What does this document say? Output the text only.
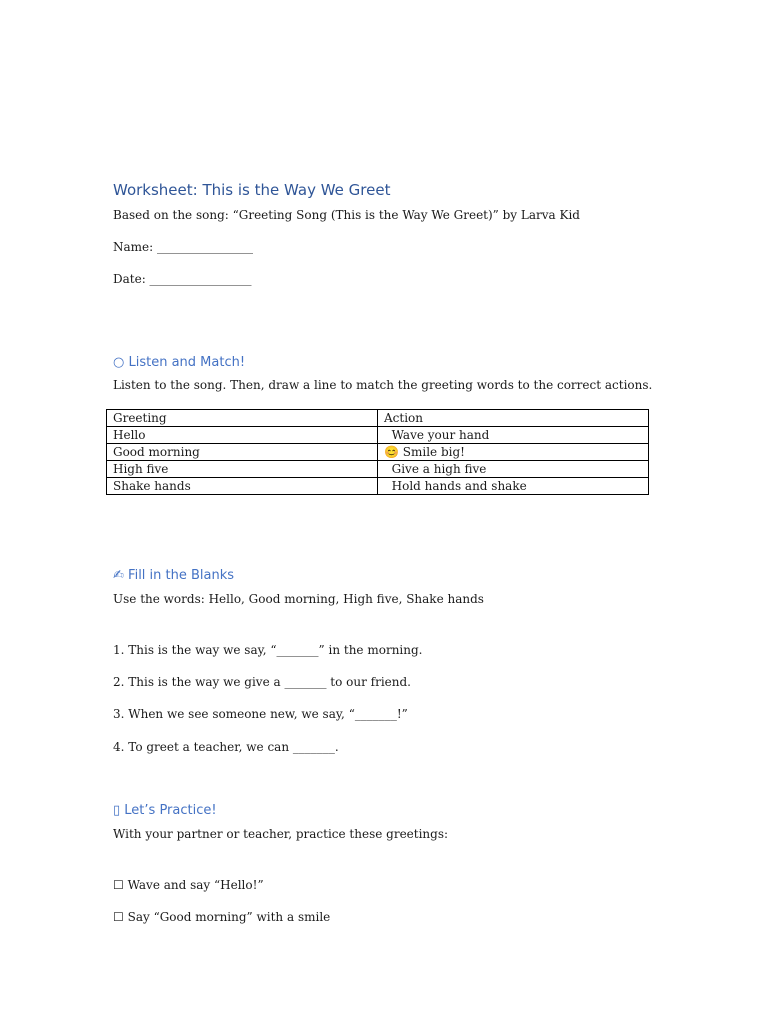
Worksheet: This is the Way We Greet
Based on the song: “Greeting Song (This is the Way We Greet)” by Larva Kid
Name: ________________
Date: _________________
○ Listen and Match!
Listen to the song. Then, draw a line to match the greeting words to the correct actions.
Greeting	Action
Hello	Wave your hand
Good morning	😊 Smile big!
High five	Give a high five
Shake hands	Hold hands and shake
✍ Fill in the Blanks
Use the words: Hello, Good morning, High five, Shake hands
1. This is the way we say, “_______” in the morning.
2. This is the way we give a _______ to our friend.
3. When we see someone new, we say, “_______!”
4. To greet a teacher, we can _______.
▯ Let’s Practice!
With your partner or teacher, practice these greetings:
☐ Wave and say “Hello!”
☐ Say “Good morning” with a smile
